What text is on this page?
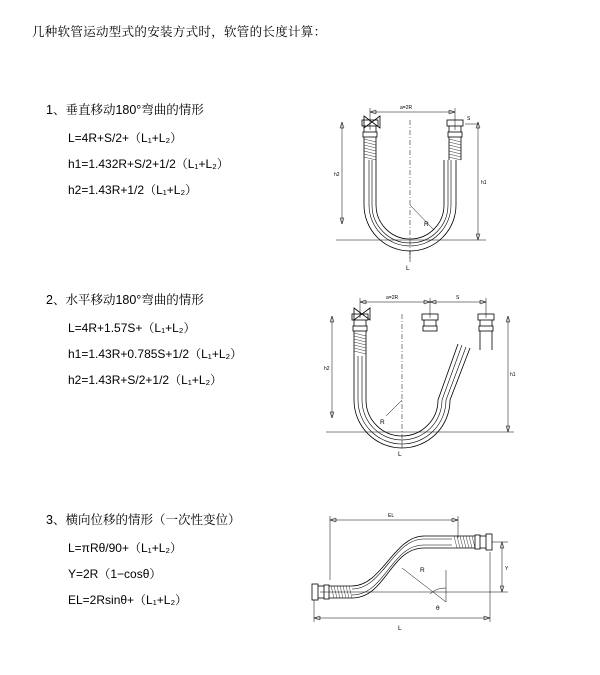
几种软管运动型式的安装方式时，软管的长度计算：
1、垂直移动180°弯曲的情形
L=4R+S/2+（L₁+L₂）
h1=1.432R+S/2+1/2（L₁+L₂）
h2=1.43R+1/2（L₁+L₂）
a=2R
R
L
h1
h2
S
2、水平移动180°弯曲的情形
L=4R+1.57S+（L₁+L₂）
h1=1.43R+0.785S+1/2（L₁+L₂）
h2=1.43R+S/2+1/2（L₁+L₂）
a=2R	S
R
L
h1
h2
3、横向位移的情形（一次性变位）
L=πRθ/90+（L₁+L₂）
Y=2R（1−cosθ）
EL=2Rsinθ+（L₁+L₂）
EL
R
θ
Y
L
